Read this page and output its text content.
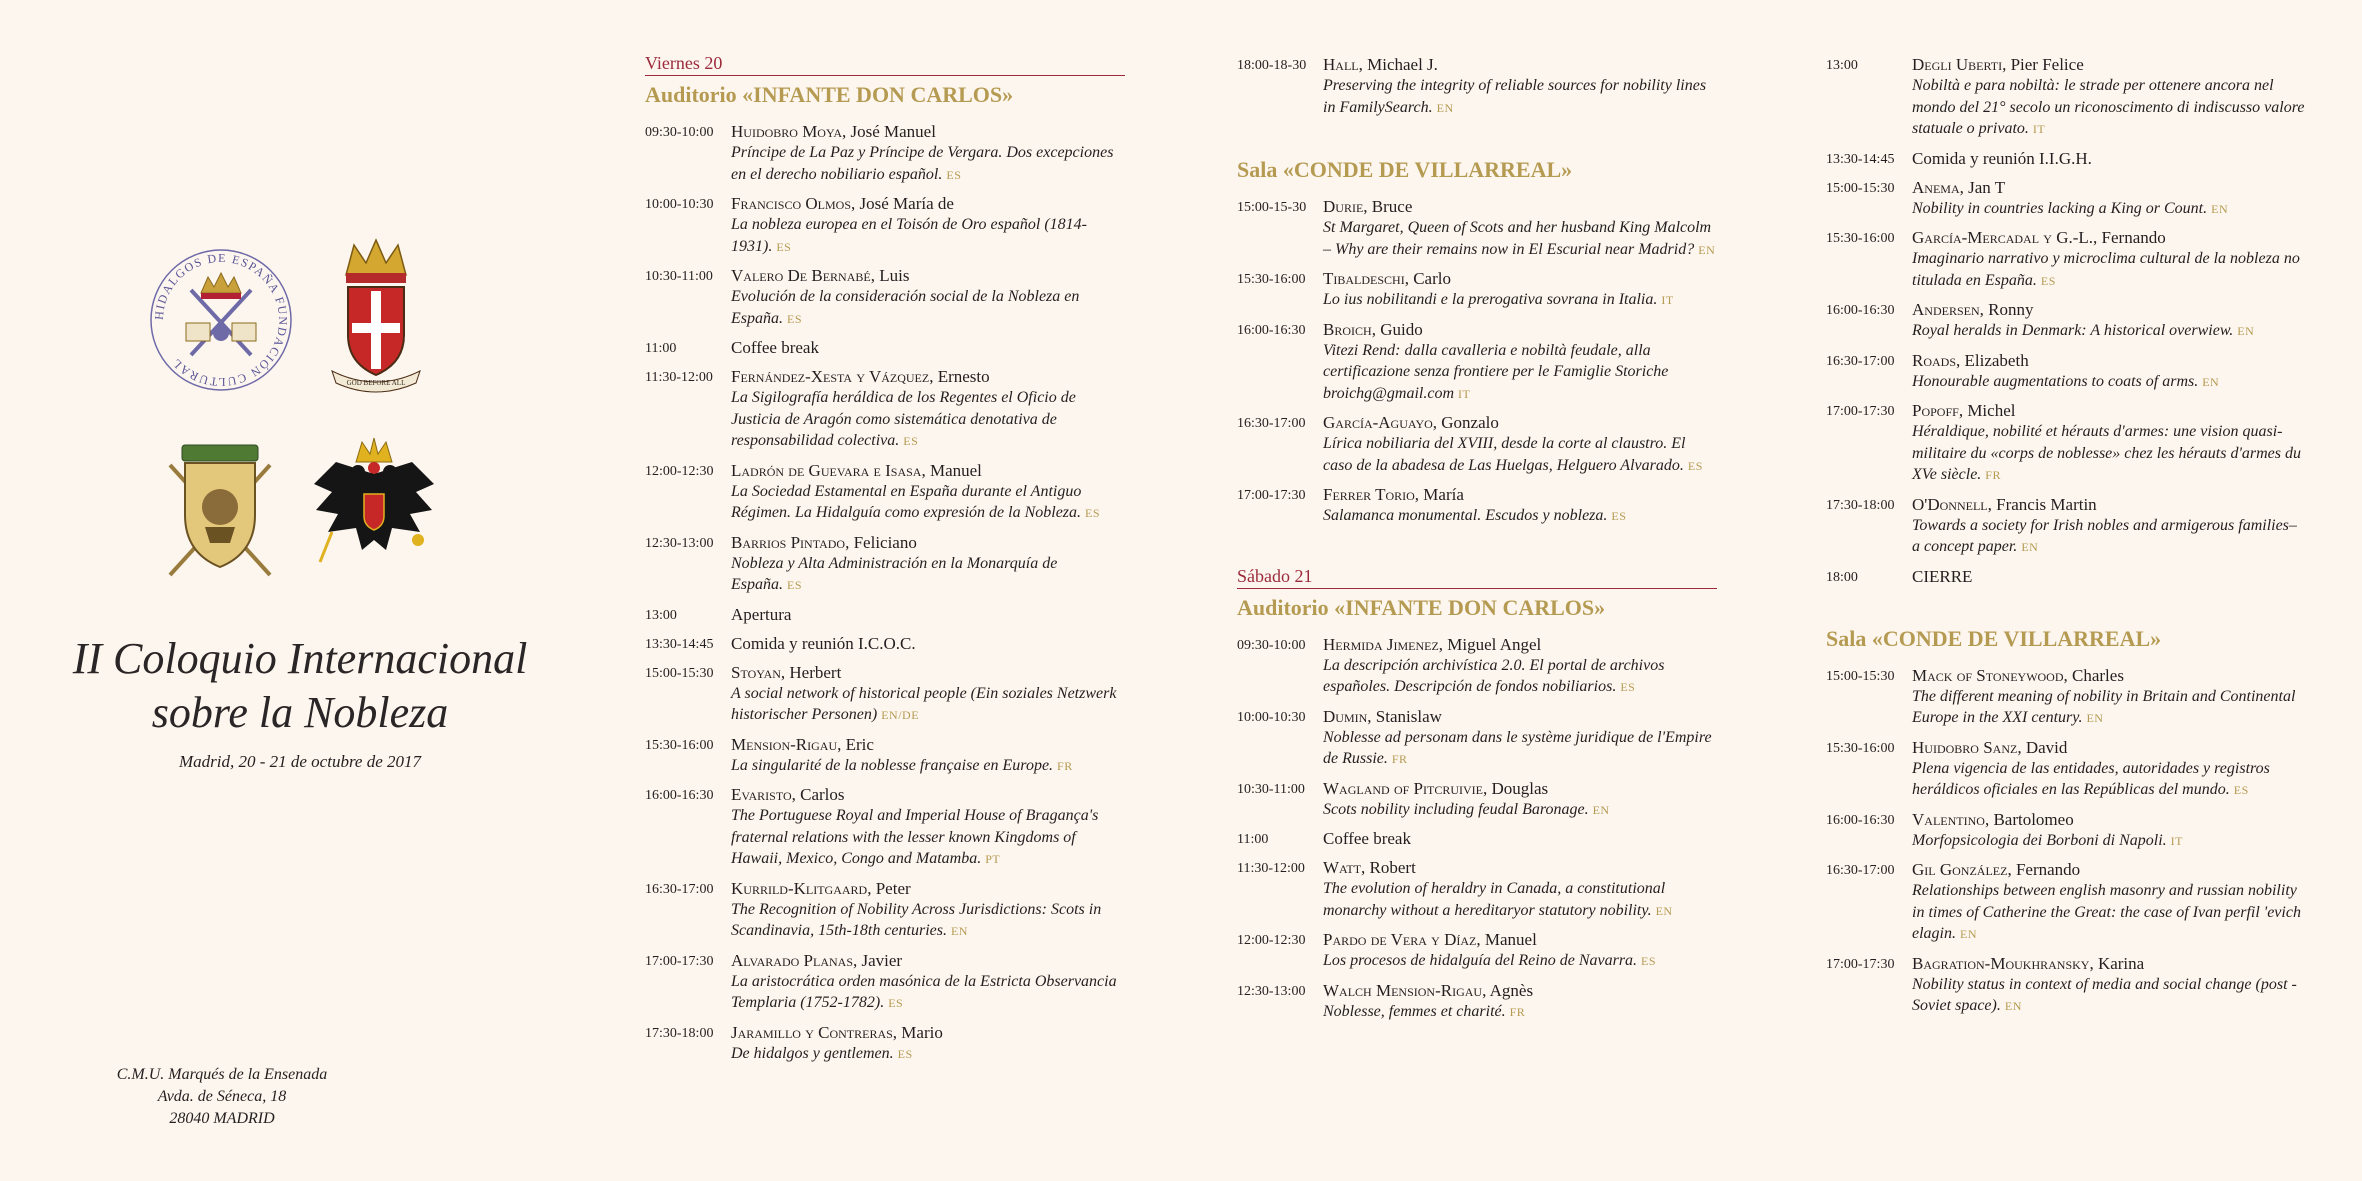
HIDALGOS DE ESPAÑA FUNDACIÓN CULTURAL
GOD BEFORE ALL
II Coloquio Internacional
sobre la Nobleza
Madrid, 20 - 21 de octubre de 2017
C.M.U. Marqués de la Ensenada
Avda. de Séneca, 18
28040 MADRID
Viernes 20
Auditorio «INFANTE DON CARLOS»
09:30-10:00	Huidobro Moya, José Manuel
Príncipe de La Paz y Príncipe de Vergara. Dos excepciones en el derecho nobiliario español. ES
10:00-10:30	Francisco Olmos, José María de
La nobleza europea en el Toisón de Oro español (1814-1931). ES
10:30-11:00	Valero De Bernabé, Luis
Evolución de la consideración social de la Nobleza en España. ES
11:00	Coffee break
11:30-12:00	Fernández-Xesta y Vázquez, Ernesto
La Sigilografía heráldica de los Regentes el Oficio de Justicia de Aragón como sistemática denotativa de responsabilidad colectiva. ES
12:00-12:30	Ladrón de Guevara e Isasa, Manuel
La Sociedad Estamental en España durante el Antiguo Régimen. La Hidalguía como expresión de la Nobleza. ES
12:30-13:00	Barrios Pintado, Feliciano
Nobleza y Alta Administración en la Monarquía de España. ES
13:00	Apertura
13:30-14:45	Comida y reunión I.C.O.C.
15:00-15:30	Stoyan, Herbert
A social network of historical people (Ein soziales Netzwerk historischer Personen) EN/DE
15:30-16:00	Mension-Rigau, Eric
La singularité de la noblesse française en Europe. FR
16:00-16:30	Evaristo, Carlos
The Portuguese Royal and Imperial House of Bragança's fraternal relations with the lesser known Kingdoms of Hawaii, Mexico, Congo and Matamba. PT
16:30-17:00	Kurrild-Klitgaard, Peter
The Recognition of Nobility Across Jurisdictions: Scots in Scandinavia, 15th-18th centuries. EN
17:00-17:30	Alvarado Planas, Javier
La aristocrática orden masónica de la Estricta Observancia Templaria (1752-1782). ES
17:30-18:00	Jaramillo y Contreras, Mario
De hidalgos y gentlemen. ES
18:00-18-30 Hall, Michael J.
Preserving the integrity of reliable sources for nobility lines in FamilySearch. EN
Sala «CONDE DE VILLARREAL»
15:00-15-30 Durie, Bruce
St Margaret, Queen of Scots and her husband King Malcolm – Why are their remains now in El Escurial near Madrid? EN
15:30-16:00	Tibaldeschi, Carlo
Lo ius nobilitandi e la prerogativa sovrana in Italia. IT
16:00-16:30	Broich, Guido
Vitezi Rend: dalla cavalleria e nobiltà feudale, alla certificazione senza frontiere per le Famiglie Storiche broichg@gmail.com IT
16:30-17:00	García-Aguayo, Gonzalo
Lírica nobiliaria del XVIII, desde la corte al claustro. El caso de la abadesa de Las Huelgas, Helguero Alvarado. ES
17:00-17:30	Ferrer Torio, María
Salamanca monumental. Escudos y nobleza. ES
Sábado 21
Auditorio «INFANTE DON CARLOS»
09:30-10:00	Hermida Jimenez, Miguel Angel
La descripción archivística 2.0. El portal de archivos españoles. Descripción de fondos nobiliarios. ES
10:00-10:30	Dumin, Stanislaw
Noblesse ad personam dans le système juridique de l'Empire de Russie. FR
10:30-11:00	Wagland of Pitcruivie, Douglas
Scots nobility including feudal Baronage. EN
11:00	Coffee break
11:30-12:00	Watt, Robert
The evolution of heraldry in Canada, a constitutional monarchy without a hereditaryor statutory nobility. EN
12:00-12:30	Pardo de Vera y Díaz, Manuel
Los procesos de hidalguía del Reino de Navarra. ES
12:30-13:00	Walch Mension-Rigau, Agnès
Noblesse, femmes et charité. FR
13:00	Degli Uberti, Pier Felice
Nobiltà e para nobiltà: le strade per ottenere ancora nel mondo del 21° secolo un riconoscimento di indiscusso valore statuale o privato. IT
13:30-14:45	Comida y reunión I.I.G.H.
15:00-15:30	Anema, Jan T
Nobility in countries lacking a King or Count. EN
15:30-16:00	García-Mercadal y G.-L., Fernando
Imaginario narrativo y microclima cultural de la nobleza no titulada en España. ES
16:00-16:30	Andersen, Ronny
Royal heralds in Denmark: A historical overwiew. EN
16:30-17:00	Roads, Elizabeth
Honourable augmentations to coats of arms. EN
17:00-17:30	Popoff, Michel
Héraldique, nobilité et hérauts d'armes: une vision quasi-militaire du «corps de noblesse» chez les hérauts d'armes du XVe siècle. FR
17:30-18:00	O'Donnell, Francis Martin
Towards a society for Irish nobles and armigerous families– a concept paper. EN
18:00	CIERRE
Sala «CONDE DE VILLARREAL»
15:00-15:30	Mack of Stoneywood, Charles
The different meaning of nobility in Britain and Continental Europe in the XXI century. EN
15:30-16:00	Huidobro Sanz, David
Plena vigencia de las entidades, autoridades y registros heráldicos oficiales en las Repúblicas del mundo. ES
16:00-16:30	Valentino, Bartolomeo
Morfopsicologia dei Borboni di Napoli. IT
16:30-17:00	Gil González, Fernando
Relationships between english masonry and russian nobility in times of Catherine the Great: the case of Ivan perfil 'evich elagin. EN
17:00-17:30	Bagration-Moukhransky, Karina
Nobility status in context of media and social change (post - Soviet space). EN
